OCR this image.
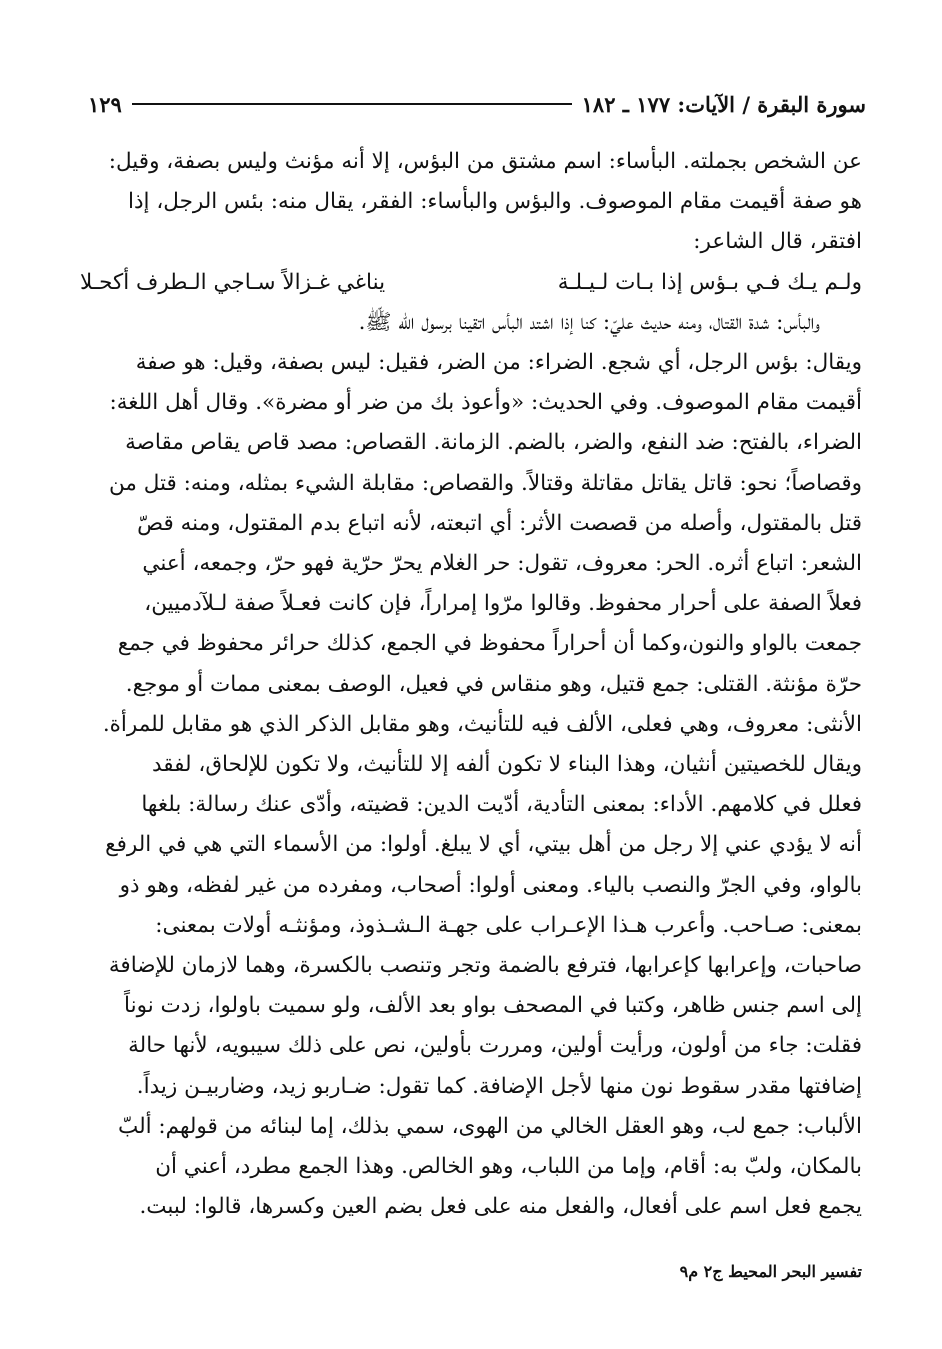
سورة البقرة / الآيات: ١٧٧ ـ ١٨٢
١٢٩
عن الشخص بجملته. البأساء: اسم مشتق من البؤس، إلا أنه مؤنث وليس بصفة، وقيل:
هو صفة أقيمت مقام الموصوف. والبؤس والبأساء: الفقر، يقال منه: بئس الرجل، إذا
افتقر، قال الشاعر:
ولـم يـك فـي بـؤس إذا بـات لـيـلـة
يناغي غـزالاً سـاجي الـطرف أكحـلا
والبأس: شدة القتال، ومنه حديث عليّ: كنا إذا اشتد البأس اتقينا برسول الله ﷺ.
ويقال: بؤس الرجل، أي شجع. الضراء: من الضر، فقيل: ليس بصفة، وقيل: هو صفة
أقيمت مقام الموصوف. وفي الحديث: «وأعوذ بك من ضر أو مضرة». وقال أهل اللغة:
الضراء، بالفتح: ضد النفع، والضر، بالضم. الزمانة. القصاص: مصد قاص يقاص مقاصة
وقصاصاً؛ نحو: قاتل يقاتل مقاتلة وقتالاً. والقصاص: مقابلة الشيء بمثله، ومنه: قتل من
قتل بالمقتول، وأصله من قصصت الأثر: أي اتبعته، لأنه اتباع بدم المقتول، ومنه قصّ
الشعر: اتباع أثره. الحر: معروف، تقول: حر الغلام يحرّ حرّية فهو حرّ، وجمعه، أعني
فعلاً الصفة على أحرار محفوظ. وقالوا مرّوا إمراراً، فإن كانت فعـلاً صفة لـلآدميين،
جمعت بالواو والنون،وكما أن أحراراً محفوظ في الجمع، كذلك حرائر محفوظ في جمع
حرّة مؤنثة. القتلى: جمع قتيل، وهو منقاس في فعيل، الوصف بمعنى ممات أو موجع.
الأنثى: معروف، وهي فعلى، الألف فيه للتأنيث، وهو مقابل الذكر الذي هو مقابل للمرأة.
ويقال للخصيتين أنثيان، وهذا البناء لا تكون ألفه إلا للتأنيث، ولا تكون للإلحاق، لفقد
فعلل في كلامهم. الأداء: بمعنى التأدية، أدّيت الدين: قضيته، وأدّى عنك رسالة: بلغها
أنه لا يؤدي عني إلا رجل من أهل بيتي، أي لا يبلغ. أولوا: من الأسماء التي هي في الرفع
بالواو، وفي الجرّ والنصب بالياء. ومعنى أولوا: أصحاب، ومفرده من غير لفظه، وهو ذو
بمعنى: صـاحب. وأعرب هـذا الإعـراب على جهـة الـشـذوذ، ومؤنثـه أولات بمعنى:
صاحبات، وإعرابها كإعرابها، فترفع بالضمة وتجر وتنصب بالكسرة، وهما لازمان للإضافة
إلى اسم جنس ظاهر، وكتبا في المصحف بواو بعد الألف، ولو سميت باولوا، زدت نوناً
فقلت: جاء من أولون، ورأيت أولين، ومررت بأولين، نص على ذلك سيبويه، لأنها حالة
إضافتها مقدر سقوط نون منها لأجل الإضافة. كما تقول: ضـاربو زيد، وضاربيـن زيداً.
الألباب: جمع لب، وهو العقل الخالي من الهوى، سمي بذلك، إما لبنائه من قولهم: ألبّ
بالمكان، ولبّ به: أقام، وإما من اللباب، وهو الخالص. وهذا الجمع مطرد، أعني أن
يجمع فعل اسم على أفعال، والفعل منه على فعل بضم العين وكسرها، قالوا: لببت.
تفسير البحر المحيط ج٢ م٩
